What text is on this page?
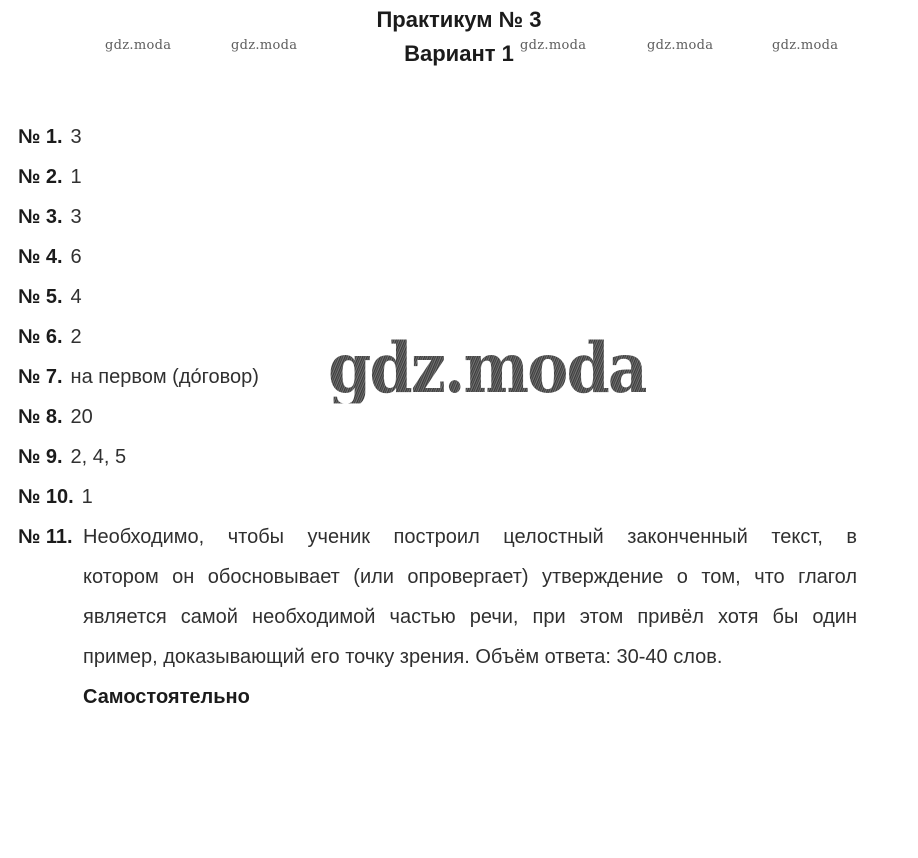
Практикум № 3
Вариант 1
gdz.moda	gdz.moda	gdz.moda	gdz.moda	gdz.moda
gdz.moda
№ 1. 3
№ 2. 1
№ 3. 3
№ 4. 6
№ 5. 4
№ 6. 2
№ 7. на первом (до́говор)
№ 8. 20
№ 9. 2, 4, 5
№ 10. 1
№ 11. Необходимо, чтобы ученик построил целостный законченный текст, в
котором он обосновывает (или опровергает) утверждение о том, что глагол
является самой необходимой частью речи, при этом привёл хотя бы один
пример, доказывающий его точку зрения. Объём ответа: 30-40 слов.
Самостоятельно
